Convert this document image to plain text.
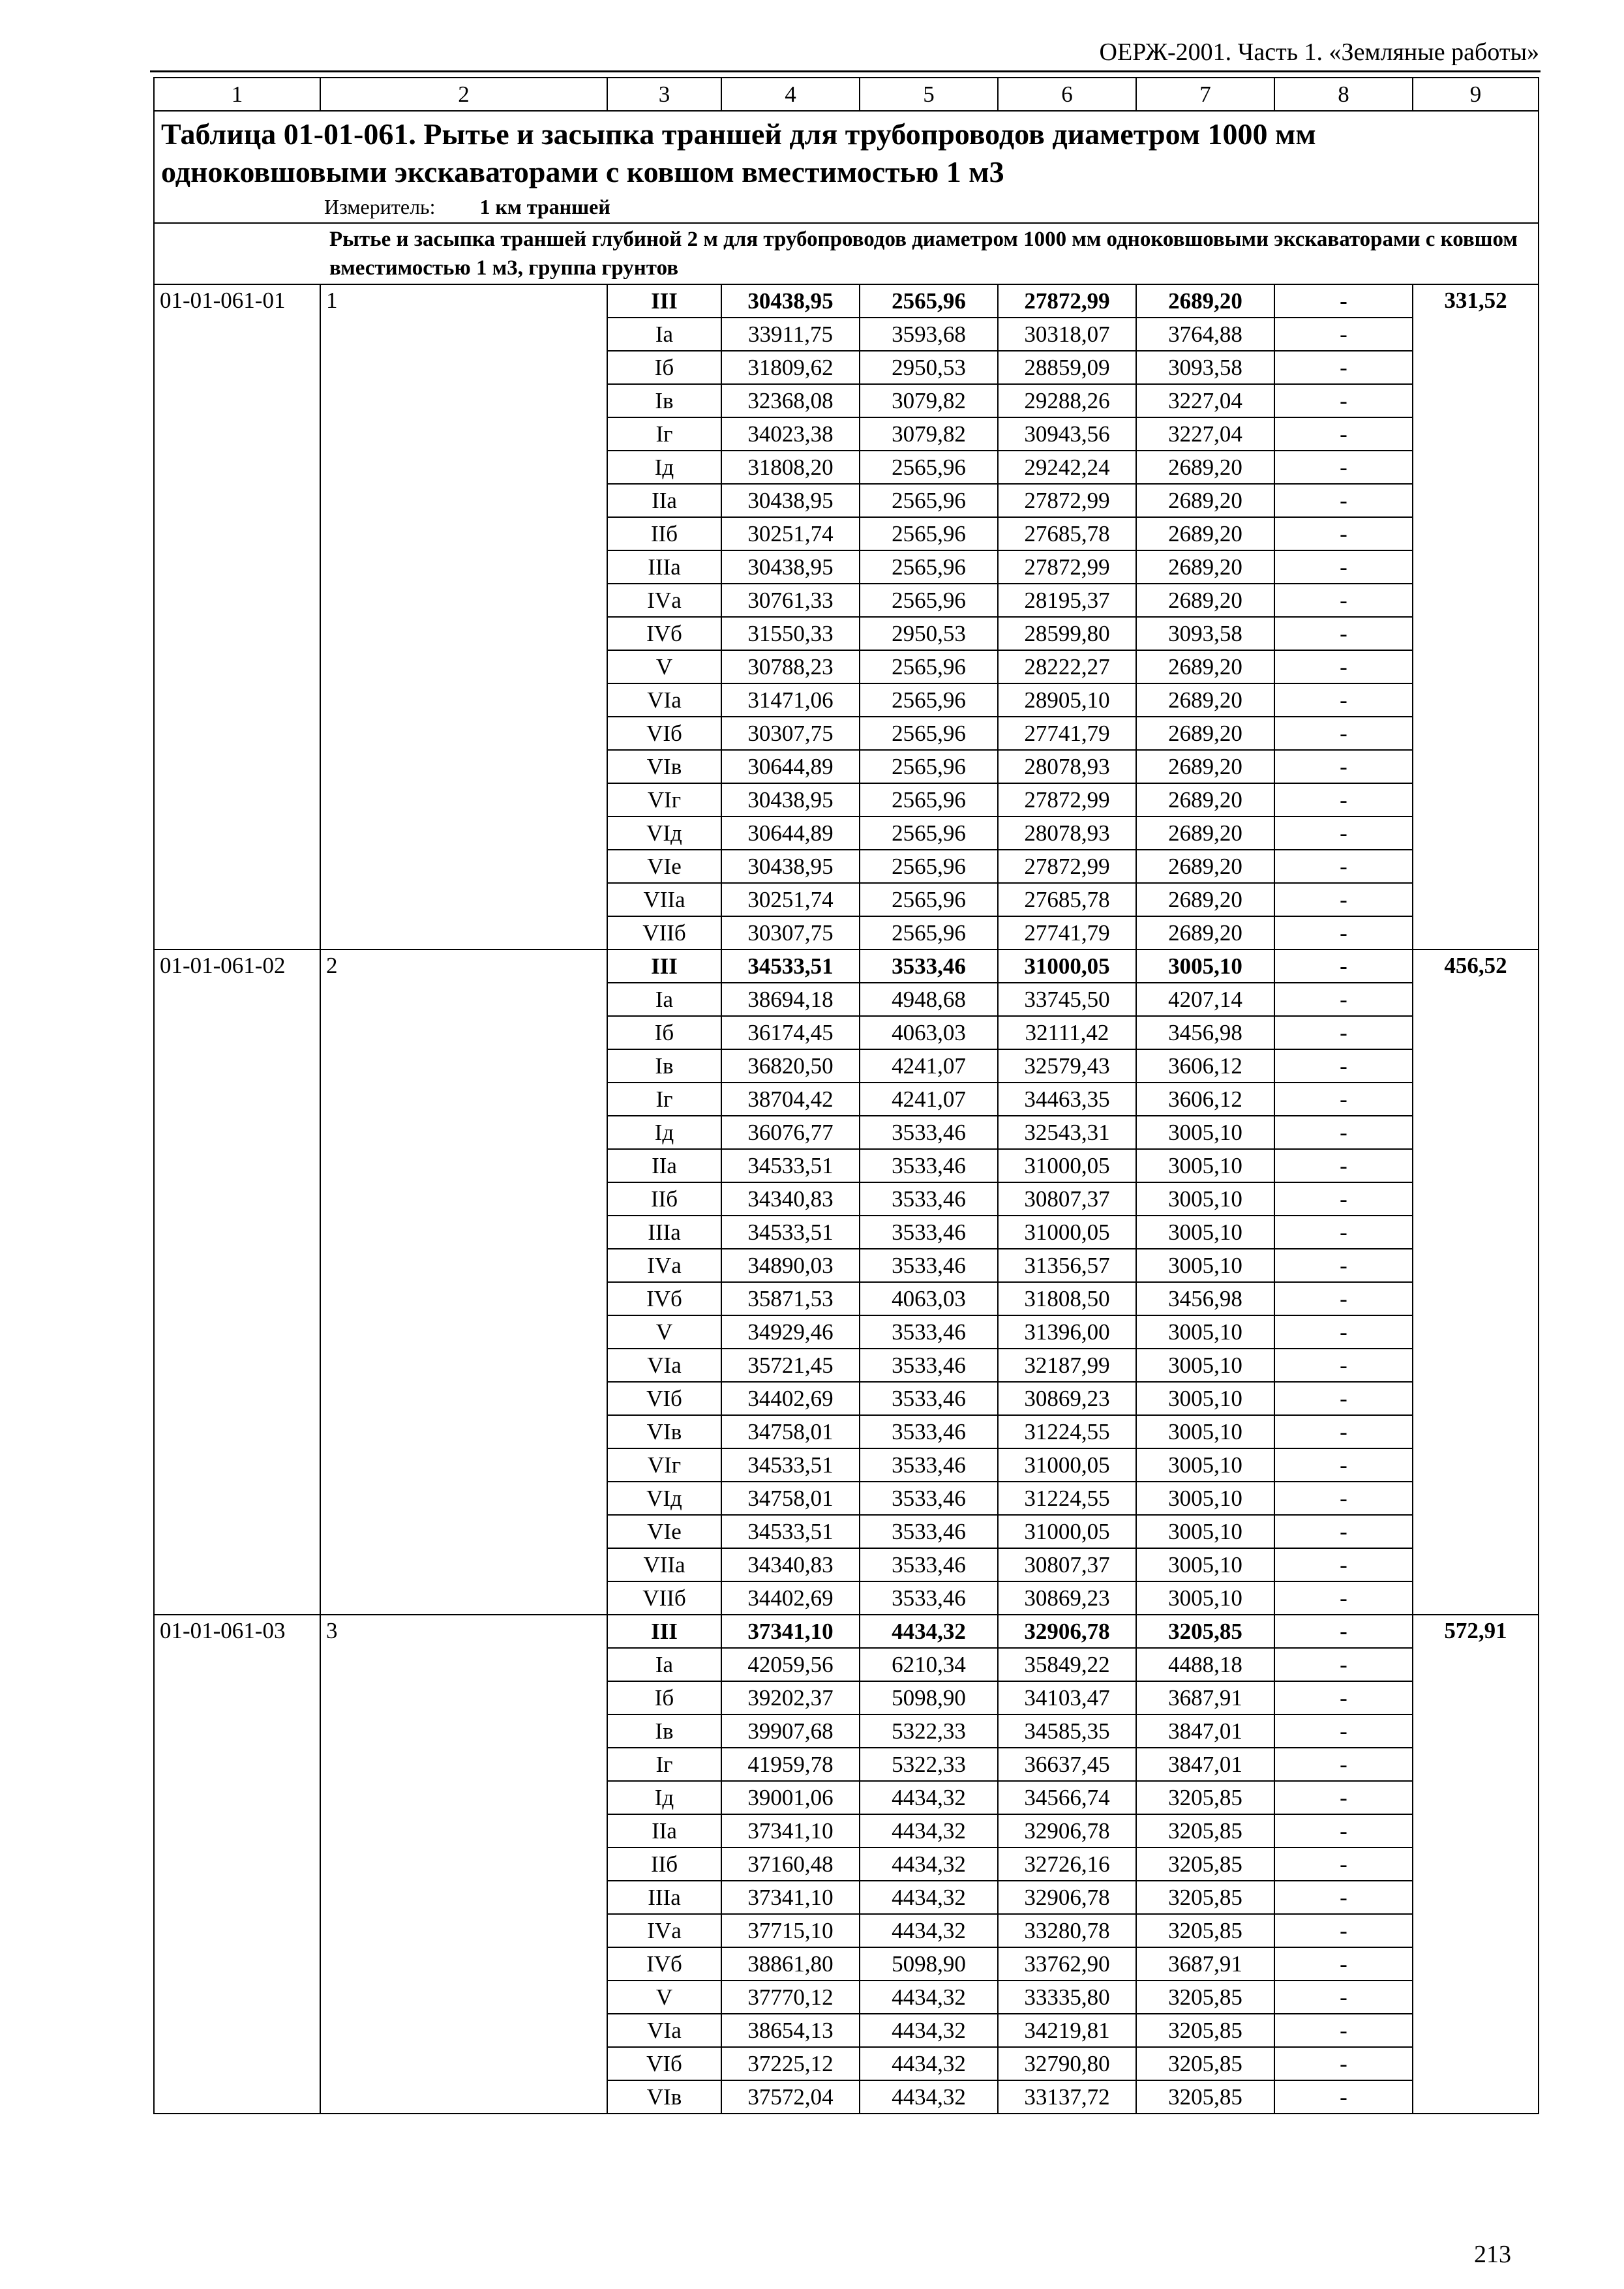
ОЕРЖ-2001. Часть 1. «Земляные работы»
1	2	3	4	5	6	7	8	9

Таблица 01-01-061. Рытье и засыпка траншей для трубопроводов диаметром 1000 мм одноковшовыми экскаваторами с ковшом вместимостью 1 м3
Измеритель: 1 км траншей								

Рытье и засыпка траншей глубиной 2 м для трубопроводов диаметром 1000 мм одноковшовыми экскаваторами с ковшом вместимостью 1 м3, группа грунтов								
01-01-061-01	1	III	30438,95	2565,96	27872,99	2689,20	-	331,52
		Iа	33911,75	3593,68	30318,07	3764,88	-	
		Iб	31809,62	2950,53	28859,09	3093,58	-	
		Iв	32368,08	3079,82	29288,26	3227,04	-	
		Iг	34023,38	3079,82	30943,56	3227,04	-	
		Iд	31808,20	2565,96	29242,24	2689,20	-	
		IIа	30438,95	2565,96	27872,99	2689,20	-	
		IIб	30251,74	2565,96	27685,78	2689,20	-	
		IIIа	30438,95	2565,96	27872,99	2689,20	-	
		IVа	30761,33	2565,96	28195,37	2689,20	-	
		IVб	31550,33	2950,53	28599,80	3093,58	-	
		V	30788,23	2565,96	28222,27	2689,20	-	
		VIа	31471,06	2565,96	28905,10	2689,20	-	
		VIб	30307,75	2565,96	27741,79	2689,20	-	
		VIв	30644,89	2565,96	28078,93	2689,20	-	
		VIг	30438,95	2565,96	27872,99	2689,20	-	
		VIд	30644,89	2565,96	28078,93	2689,20	-	
		VIе	30438,95	2565,96	27872,99	2689,20	-	
		VIIа	30251,74	2565,96	27685,78	2689,20	-	
		VIIб	30307,75	2565,96	27741,79	2689,20	-	
01-01-061-02	2	III	34533,51	3533,46	31000,05	3005,10	-	456,52
		Iа	38694,18	4948,68	33745,50	4207,14	-	
		Iб	36174,45	4063,03	32111,42	3456,98	-	
		Iв	36820,50	4241,07	32579,43	3606,12	-	
		Iг	38704,42	4241,07	34463,35	3606,12	-	
		Iд	36076,77	3533,46	32543,31	3005,10	-	
		IIа	34533,51	3533,46	31000,05	3005,10	-	
		IIб	34340,83	3533,46	30807,37	3005,10	-	
		IIIа	34533,51	3533,46	31000,05	3005,10	-	
		IVа	34890,03	3533,46	31356,57	3005,10	-	
		IVб	35871,53	4063,03	31808,50	3456,98	-	
		V	34929,46	3533,46	31396,00	3005,10	-	
		VIа	35721,45	3533,46	32187,99	3005,10	-	
		VIб	34402,69	3533,46	30869,23	3005,10	-	
		VIв	34758,01	3533,46	31224,55	3005,10	-	
		VIг	34533,51	3533,46	31000,05	3005,10	-	
		VIд	34758,01	3533,46	31224,55	3005,10	-	
		VIе	34533,51	3533,46	31000,05	3005,10	-	
		VIIа	34340,83	3533,46	30807,37	3005,10	-	
		VIIб	34402,69	3533,46	30869,23	3005,10	-	
01-01-061-03	3	III	37341,10	4434,32	32906,78	3205,85	-	572,91
		Iа	42059,56	6210,34	35849,22	4488,18	-	
		Iб	39202,37	5098,90	34103,47	3687,91	-	
		Iв	39907,68	5322,33	34585,35	3847,01	-	
		Iг	41959,78	5322,33	36637,45	3847,01	-	
		Iд	39001,06	4434,32	34566,74	3205,85	-	
		IIа	37341,10	4434,32	32906,78	3205,85	-	
		IIб	37160,48	4434,32	32726,16	3205,85	-	
		IIIа	37341,10	4434,32	32906,78	3205,85	-	
		IVа	37715,10	4434,32	33280,78	3205,85	-	
		IVб	38861,80	5098,90	33762,90	3687,91	-	
		V	37770,12	4434,32	33335,80	3205,85	-	
		VIа	38654,13	4434,32	34219,81	3205,85	-	
		VIб	37225,12	4434,32	32790,80	3205,85	-	
		VIв	37572,04	4434,32	33137,72	3205,85	-	
213
